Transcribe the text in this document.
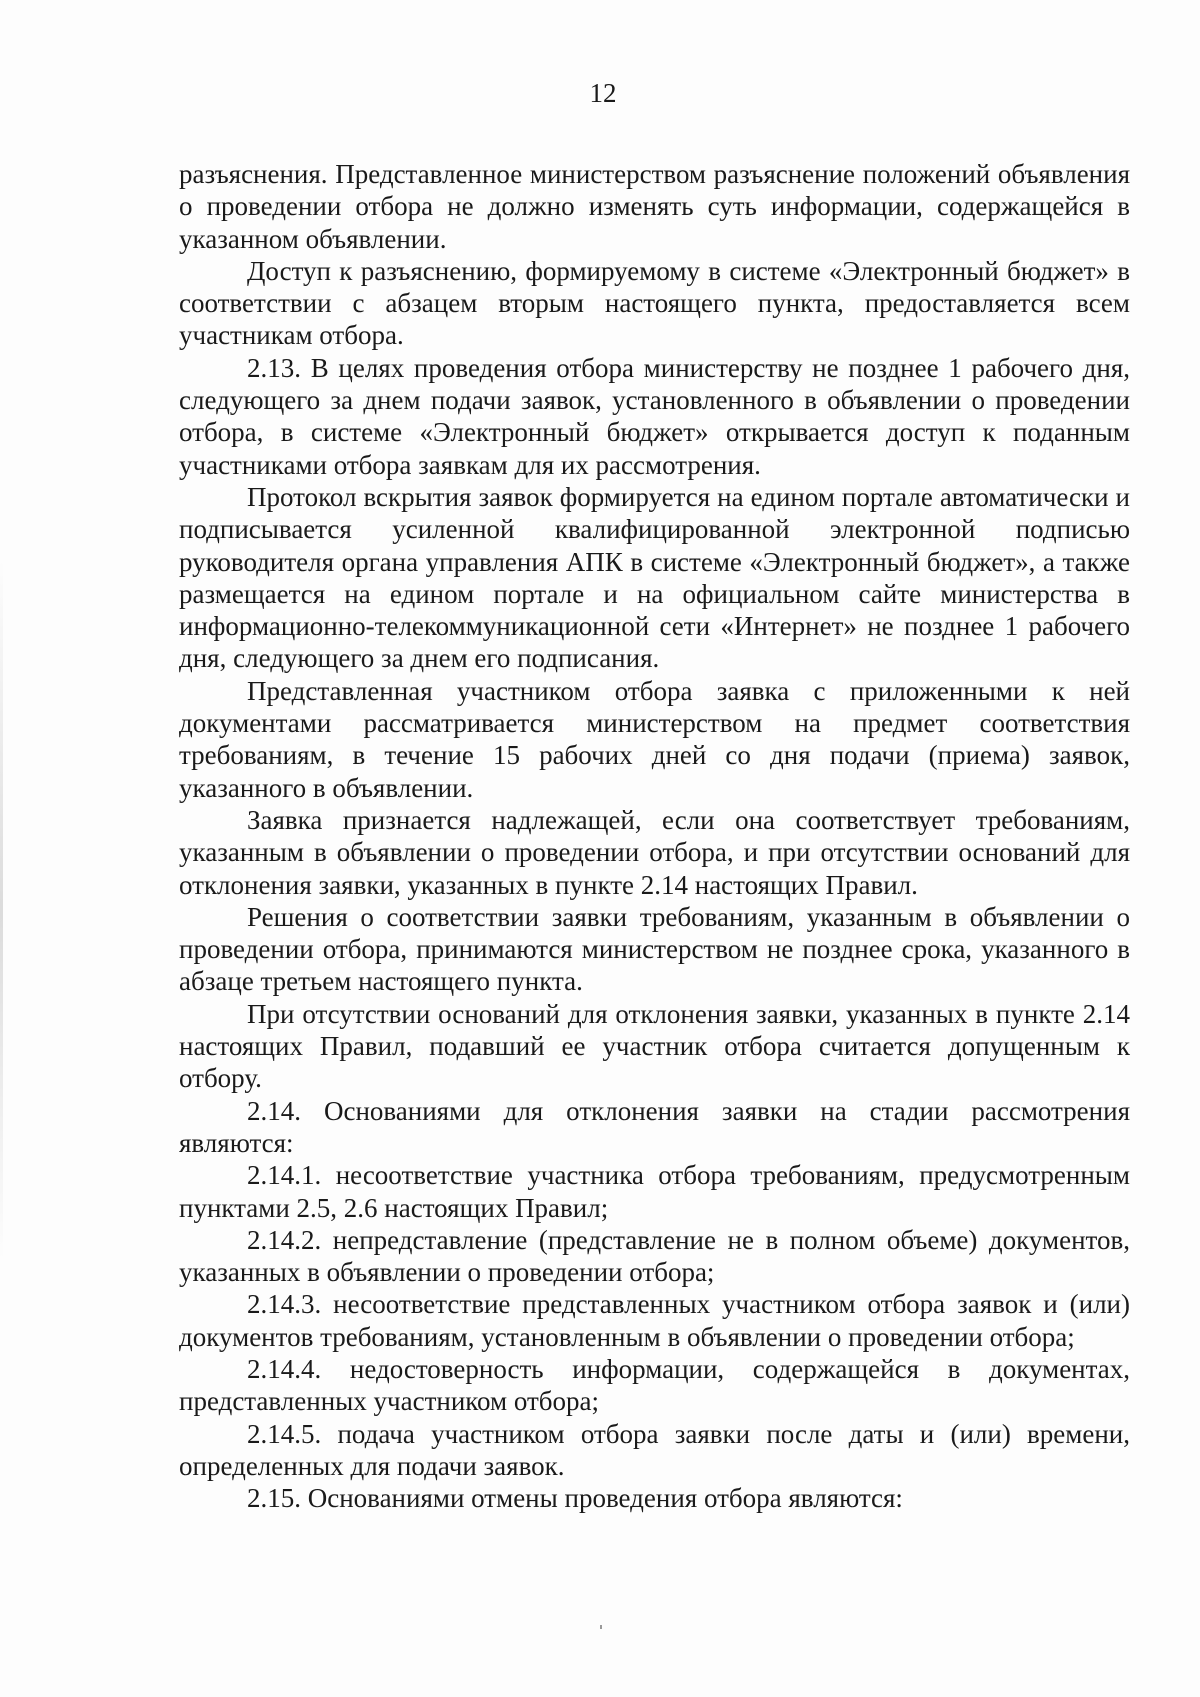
12

разъяснения. Представленное министерством разъяснение положений объявления о проведении отбора не должно изменять суть информации, содержащейся в указанном объявлении.

Доступ к разъяснению, формируемому в системе «Электронный бюджет» в соответствии с абзацем вторым настоящего пункта, предоставляется всем участникам отбора.

2.13. В целях проведения отбора министерству не позднее 1 рабочего дня, следующего за днем подачи заявок, установленного в объявлении о проведении отбора, в системе «Электронный бюджет» открывается доступ к поданным участниками отбора заявкам для их рассмотрения.

Протокол вскрытия заявок формируется на едином портале автоматически и подписывается усиленной квалифицированной электронной подписью руководителя органа управления АПК в системе «Электронный бюджет», а также размещается на едином портале и на официальном сайте министерства в информационно-телекоммуникационной сети «Интернет» не позднее 1 рабочего дня, следующего за днем его подписания.

Представленная участником отбора заявка с приложенными к ней документами рассматривается министерством на предмет соответствия требованиям, в течение 15 рабочих дней со дня подачи (приема) заявок, указанного в объявлении.

Заявка признается надлежащей, если она соответствует требованиям, указанным в объявлении о проведении отбора, и при отсутствии оснований для отклонения заявки, указанных в пункте 2.14 настоящих Правил.

Решения о соответствии заявки требованиям, указанным в объявлении о проведении отбора, принимаются министерством не позднее срока, указанного в абзаце третьем настоящего пункта.

При отсутствии оснований для отклонения заявки, указанных в пункте 2.14 настоящих Правил, подавший ее участник отбора считается допущенным к отбору.

2.14. Основаниями для отклонения заявки на стадии рассмотрения являются:

2.14.1. несоответствие участника отбора требованиям, предусмотренным пунктами 2.5, 2.6 настоящих Правил;

2.14.2. непредставление (представление не в полном объеме) документов, указанных в объявлении о проведении отбора;

2.14.3. несоответствие представленных участником отбора заявок и (или) документов требованиям, установленным в объявлении о проведении отбора;

2.14.4. недостоверность информации, содержащейся в документах, представленных участником отбора;

2.14.5. подача участником отбора заявки после даты и (или) времени, определенных для подачи заявок.

2.15. Основаниями отмены проведения отбора являются:
